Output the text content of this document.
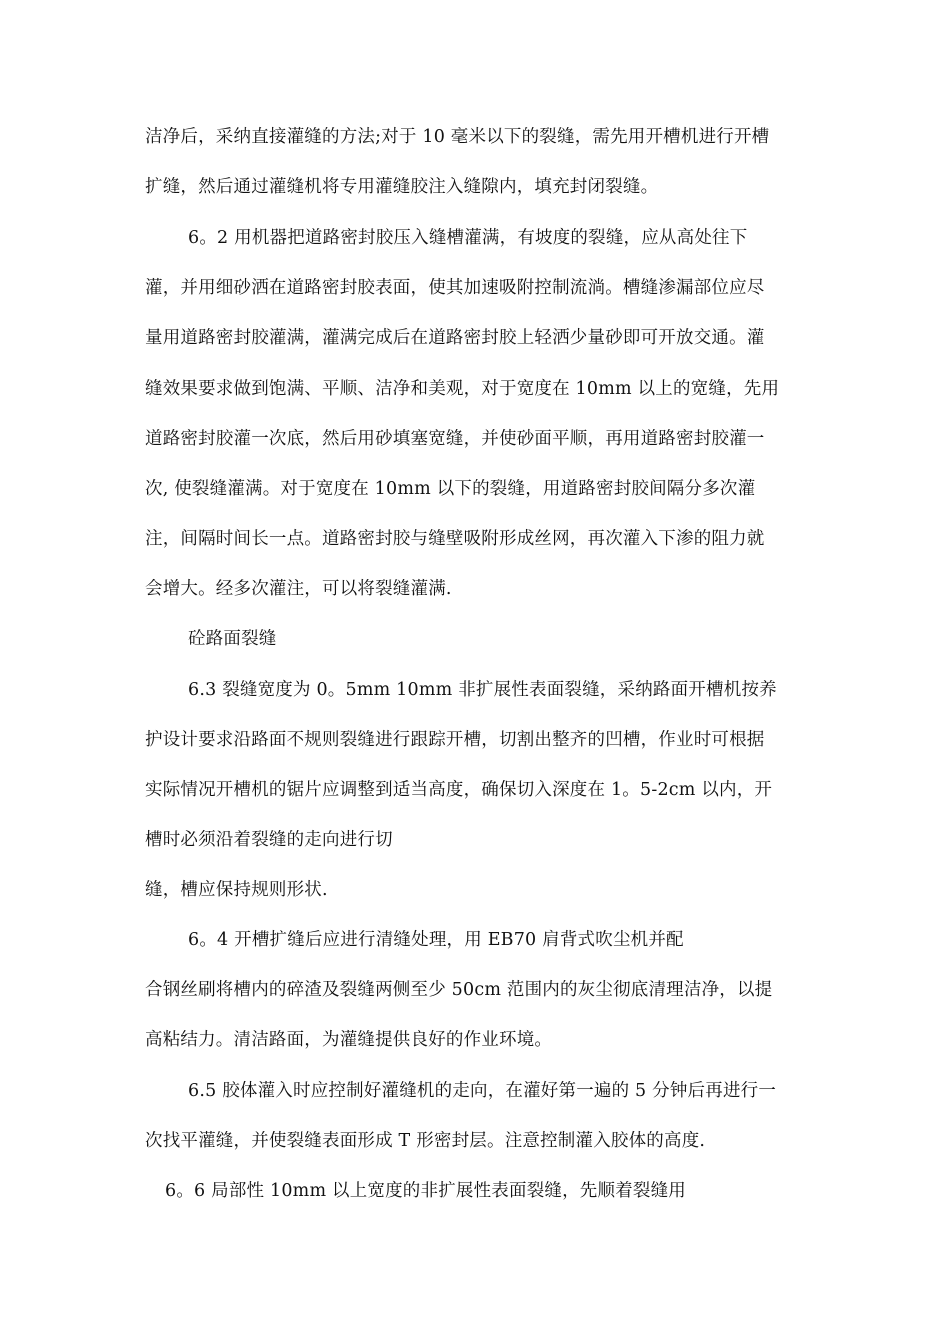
洁净后，采纳直接灌缝的方法;对于 10 毫米以下的裂缝，需先用开槽机进行开槽
扩缝，然后通过灌缝机将专用灌缝胶注入缝隙内，填充封闭裂缝。
6。2 用机器把道路密封胶压入缝槽灌满，有坡度的裂缝，应从高处往下
灌，并用细砂洒在道路密封胶表面，使其加速吸附控制流淌。槽缝渗漏部位应尽
量用道路密封胶灌满，灌满完成后在道路密封胶上轻洒少量砂即可开放交通。灌
缝效果要求做到饱满、平顺、洁净和美观，对于宽度在 10mm 以上的宽缝，先用
道路密封胶灌一次底，然后用砂填塞宽缝，并使砂面平顺，再用道路密封胶灌一
次, 使裂缝灌满。对于宽度在 10mm 以下的裂缝，用道路密封胶间隔分多次灌
注，间隔时间长一点。道路密封胶与缝壁吸附形成丝网，再次灌入下渗的阻力就
会增大。经多次灌注，可以将裂缝灌满.
砼路面裂缝
6.3 裂缝宽度为 0。5mm 10mm 非扩展性表面裂缝，采纳路面开槽机按养
护设计要求沿路面不规则裂缝进行跟踪开槽，切割出整齐的凹槽，作业时可根据
实际情况开槽机的锯片应调整到适当高度，确保切入深度在 1。5-2cm 以内，开
槽时必须沿着裂缝的走向进行切
缝，槽应保持规则形状.
6。4 开槽扩缝后应进行清缝处理，用 EB70 肩背式吹尘机并配
合钢丝刷将槽内的碎渣及裂缝两侧至少 50cm 范围内的灰尘彻底清理洁净，以提
高粘结力。清洁路面，为灌缝提供良好的作业环境。
6.5 胶体灌入时应控制好灌缝机的走向，在灌好第一遍的 5 分钟后再进行一
次找平灌缝，并使裂缝表面形成 T 形密封层。注意控制灌入胶体的高度.
6。6 局部性 10mm 以上宽度的非扩展性表面裂缝，先顺着裂缝用
